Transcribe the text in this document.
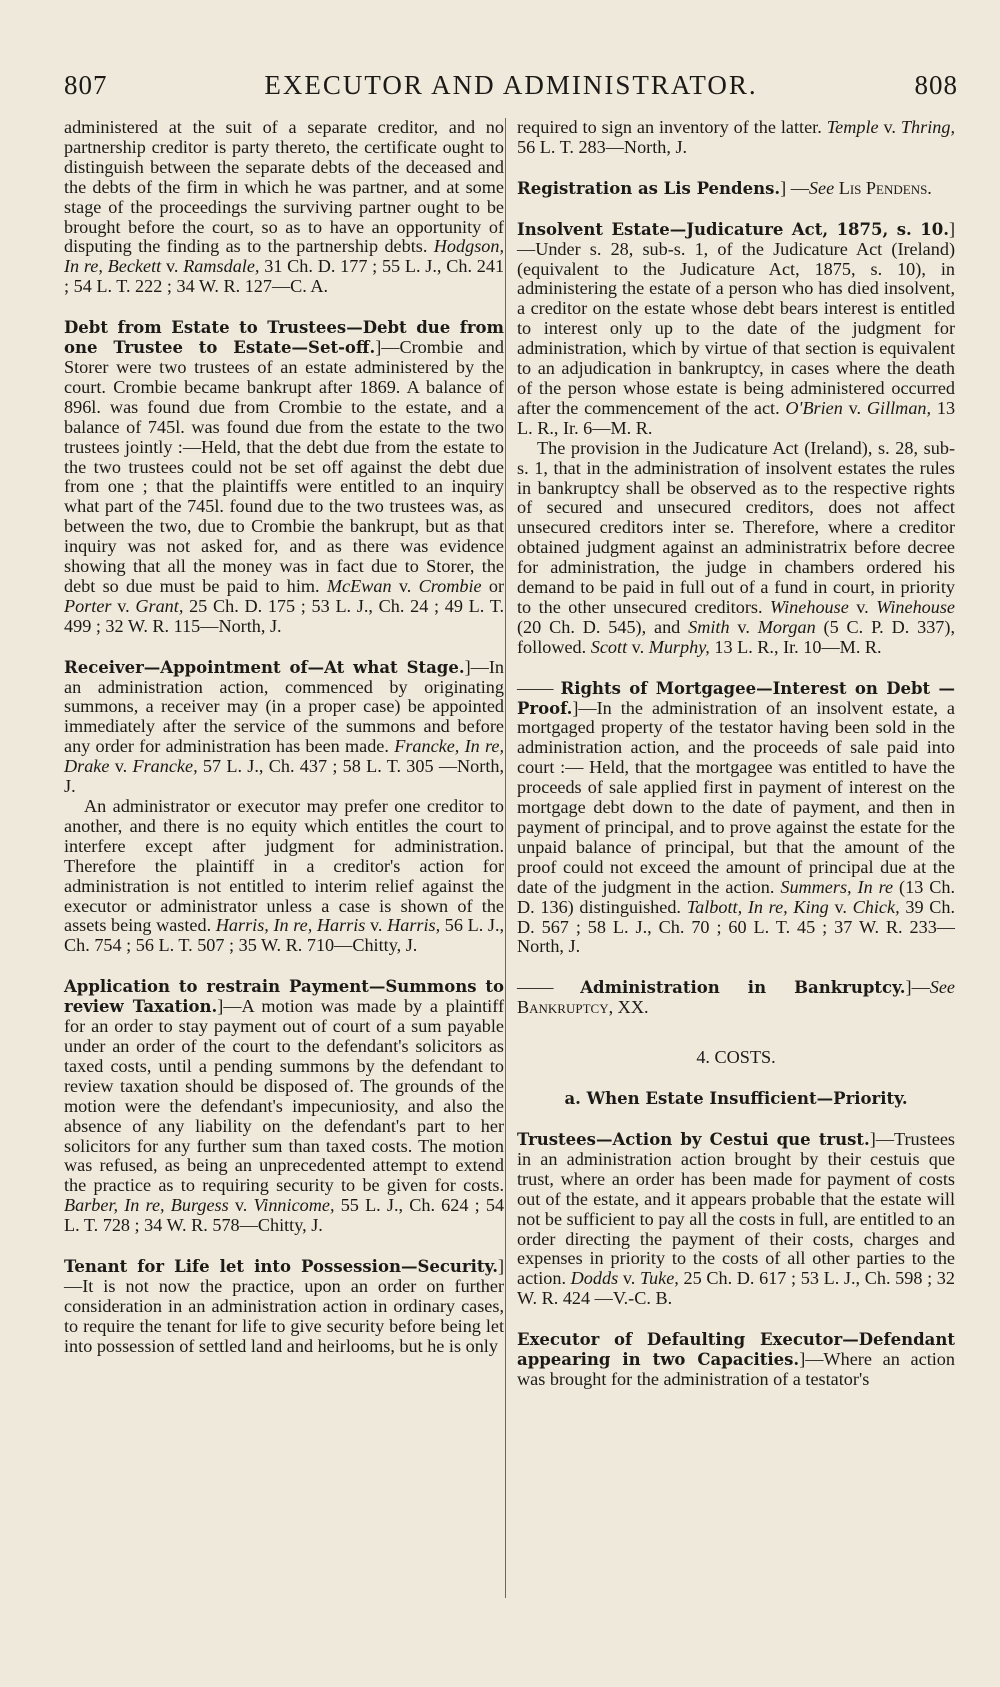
807	EXECUTOR AND ADMINISTRATOR.	808

administered at the suit of a separate creditor, and no partnership creditor is party thereto, the certificate ought to distinguish between the separate debts of the deceased and the debts of the firm in which he was partner, and at some stage of the proceedings the surviving partner ought to be brought before the court, so as to have an opportunity of disputing the finding as to the partnership debts. Hodgson, In re, Beckett v. Ramsdale, 31 Ch. D. 177 ; 55 L. J., Ch. 241 ; 54 L. T. 222 ; 34 W. R. 127—C. A.

Debt from Estate to Trustees—Debt due from one Trustee to Estate—Set-off.]—Crombie and Storer were two trustees of an estate administered by the court. Crombie became bankrupt after 1869. A balance of 896l. was found due from Crombie to the estate, and a balance of 745l. was found due from the estate to the two trustees jointly :—Held, that the debt due from the estate to the two trustees could not be set off against the debt due from one ; that the plaintiffs were entitled to an inquiry what part of the 745l. found due to the two trustees was, as between the two, due to Crombie the bankrupt, but as that inquiry was not asked for, and as there was evidence showing that all the money was in fact due to Storer, the debt so due must be paid to him. McEwan v. Crombie or Porter v. Grant, 25 Ch. D. 175 ; 53 L. J., Ch. 24 ; 49 L. T. 499 ; 32 W. R. 115—North, J.

Receiver—Appointment of—At what Stage.]—In an administration action, commenced by originating summons, a receiver may (in a proper case) be appointed immediately after the service of the summons and before any order for administration has been made. Francke, In re, Drake v. Francke, 57 L. J., Ch. 437 ; 58 L. T. 305 —North, J.

An administrator or executor may prefer one creditor to another, and there is no equity which entitles the court to interfere except after judgment for administration. Therefore the plaintiff in a creditor's action for administration is not entitled to interim relief against the executor or administrator unless a case is shown of the assets being wasted. Harris, In re, Harris v. Harris, 56 L. J., Ch. 754 ; 56 L. T. 507 ; 35 W. R. 710—Chitty, J.

Application to restrain Payment—Summons to review Taxation.]—A motion was made by a plaintiff for an order to stay payment out of court of a sum payable under an order of the court to the defendant's solicitors as taxed costs, until a pending summons by the defendant to review taxation should be disposed of. The grounds of the motion were the defendant's impecuniosity, and also the absence of any liability on the defendant's part to her solicitors for any further sum than taxed costs. The motion was refused, as being an unprecedented attempt to extend the practice as to requiring security to be given for costs. Barber, In re, Burgess v. Vinnicome, 55 L. J., Ch. 624 ; 54 L. T. 728 ; 34 W. R. 578—Chitty, J.

Tenant for Life let into Possession—Security.] —It is not now the practice, upon an order on further consideration in an administration action in ordinary cases, to require the tenant for life to give security before being let into possession of settled land and heirlooms, but he is only

required to sign an inventory of the latter. Temple v. Thring, 56 L. T. 283—North, J.

Registration as Lis Pendens.] —See Lis Pendens.

Insolvent Estate—Judicature Act, 1875, s. 10.] —Under s. 28, sub-s. 1, of the Judicature Act (Ireland) (equivalent to the Judicature Act, 1875, s. 10), in administering the estate of a person who has died insolvent, a creditor on the estate whose debt bears interest is entitled to interest only up to the date of the judgment for administration, which by virtue of that section is equivalent to an adjudication in bankruptcy, in cases where the death of the person whose estate is being administered occurred after the commencement of the act. O'Brien v. Gillman, 13 L. R., Ir. 6—M. R.

The provision in the Judicature Act (Ireland), s. 28, sub-s. 1, that in the administration of insolvent estates the rules in bankruptcy shall be observed as to the respective rights of secured and unsecured creditors, does not affect unsecured creditors inter se. Therefore, where a creditor obtained judgment against an administratrix before decree for administration, the judge in chambers ordered his demand to be paid in full out of a fund in court, in priority to the other unsecured creditors. Winehouse v. Winehouse (20 Ch. D. 545), and Smith v. Morgan (5 C. P. D. 337), followed. Scott v. Murphy, 13 L. R., Ir. 10—M. R.

—— Rights of Mortgagee—Interest on Debt —Proof.]—In the administration of an insolvent estate, a mortgaged property of the testator having been sold in the administration action, and the proceeds of sale paid into court :— Held, that the mortgagee was entitled to have the proceeds of sale applied first in payment of interest on the mortgage debt down to the date of payment, and then in payment of principal, and to prove against the estate for the unpaid balance of principal, but that the amount of the proof could not exceed the amount of principal due at the date of the judgment in the action. Summers, In re (13 Ch. D. 136) distinguished. Talbott, In re, King v. Chick, 39 Ch. D. 567 ; 58 L. J., Ch. 70 ; 60 L. T. 45 ; 37 W. R. 233—North, J.

—— Administration in Bankruptcy.]—See Bankruptcy, XX.

4. COSTS.

a. When Estate Insufficient—Priority.

Trustees—Action by Cestui que trust.]—Trustees in an administration action brought by their cestuis que trust, where an order has been made for payment of costs out of the estate, and it appears probable that the estate will not be sufficient to pay all the costs in full, are entitled to an order directing the payment of their costs, charges and expenses in priority to the costs of all other parties to the action. Dodds v. Tuke, 25 Ch. D. 617 ; 53 L. J., Ch. 598 ; 32 W. R. 424 —V.-C. B.

Executor of Defaulting Executor—Defendant appearing in two Capacities.]—Where an action was brought for the administration of a testator's
